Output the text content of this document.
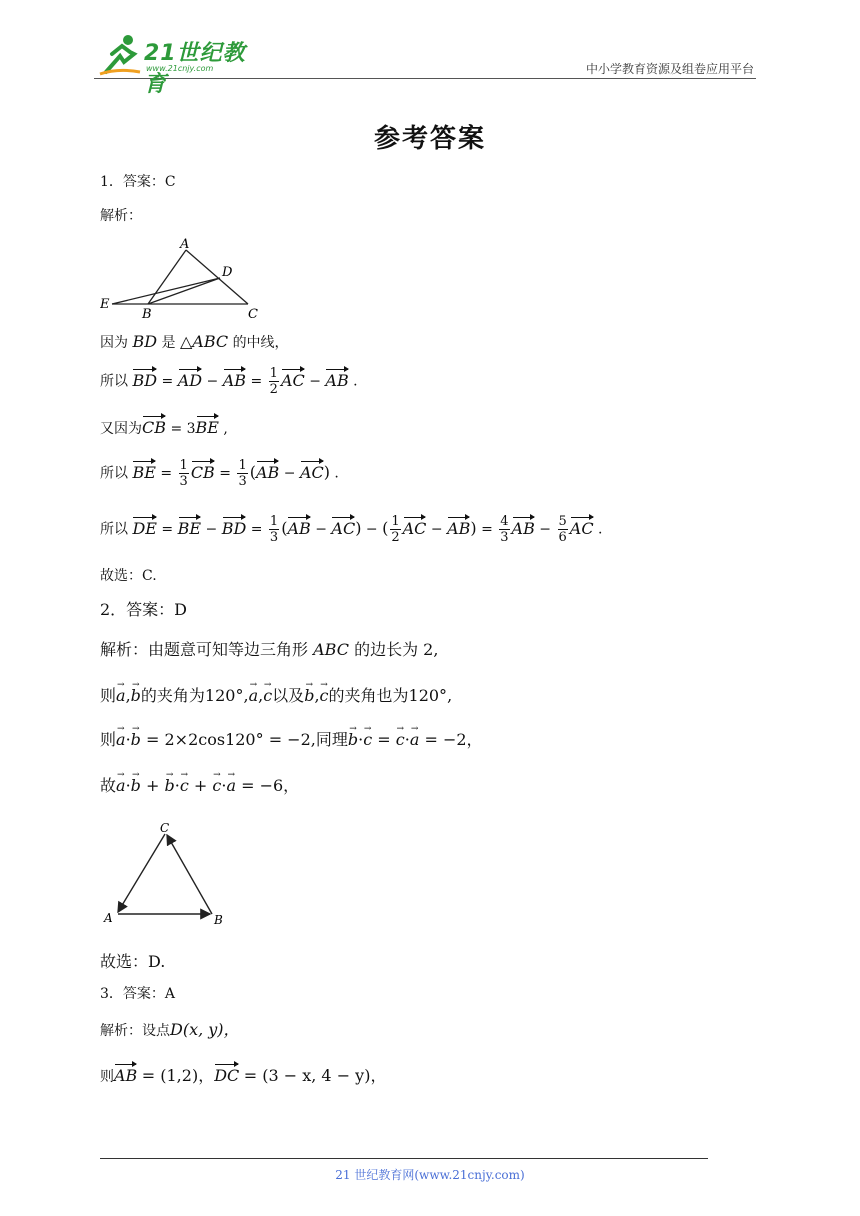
21世纪教育
www.21cnjy.com	中小学教育资源及组卷应用平台
参考答案
1．答案：C
解析：
A
D
E
B	C
因为 BD 是 △ABC 的中线，
所以 BD = AD − AB = $\frac{1}{2}$ AC − AB .
又因为CB = 3BE ,
所以 BE = $\frac{1}{3}$ CB = $\frac{1}{3} (AB - AC)$ .
所以 DE = BE − BD = $\frac{1}{3} (AB - AC)$ − ( $\frac{1}{2}$ AC − $AB) = \frac{4}{3}$ AB − $\frac{5}{6}$ AC .
故选：C.
2．答案：D
解析：由题意可知等边三角形 ABC 的边长为 2,
则→ a,→ b的夹角为120°,→ a,→ c以及→ b,→ c的夹角也为120°,
则→ a·→ b = 2×2cos120° = −2,同理→ b·→ c = → c·→ a = −2，
故→ a·→ b + → b·→ c + → c·→ a = −6，
C
A	B
故选：D.
3．答案：A
解析：设点D(x, y)，
则AB = (1,2)，DC = (3 − x, 4 − y)，
21 世纪教育网(www.21cnjy.com)
